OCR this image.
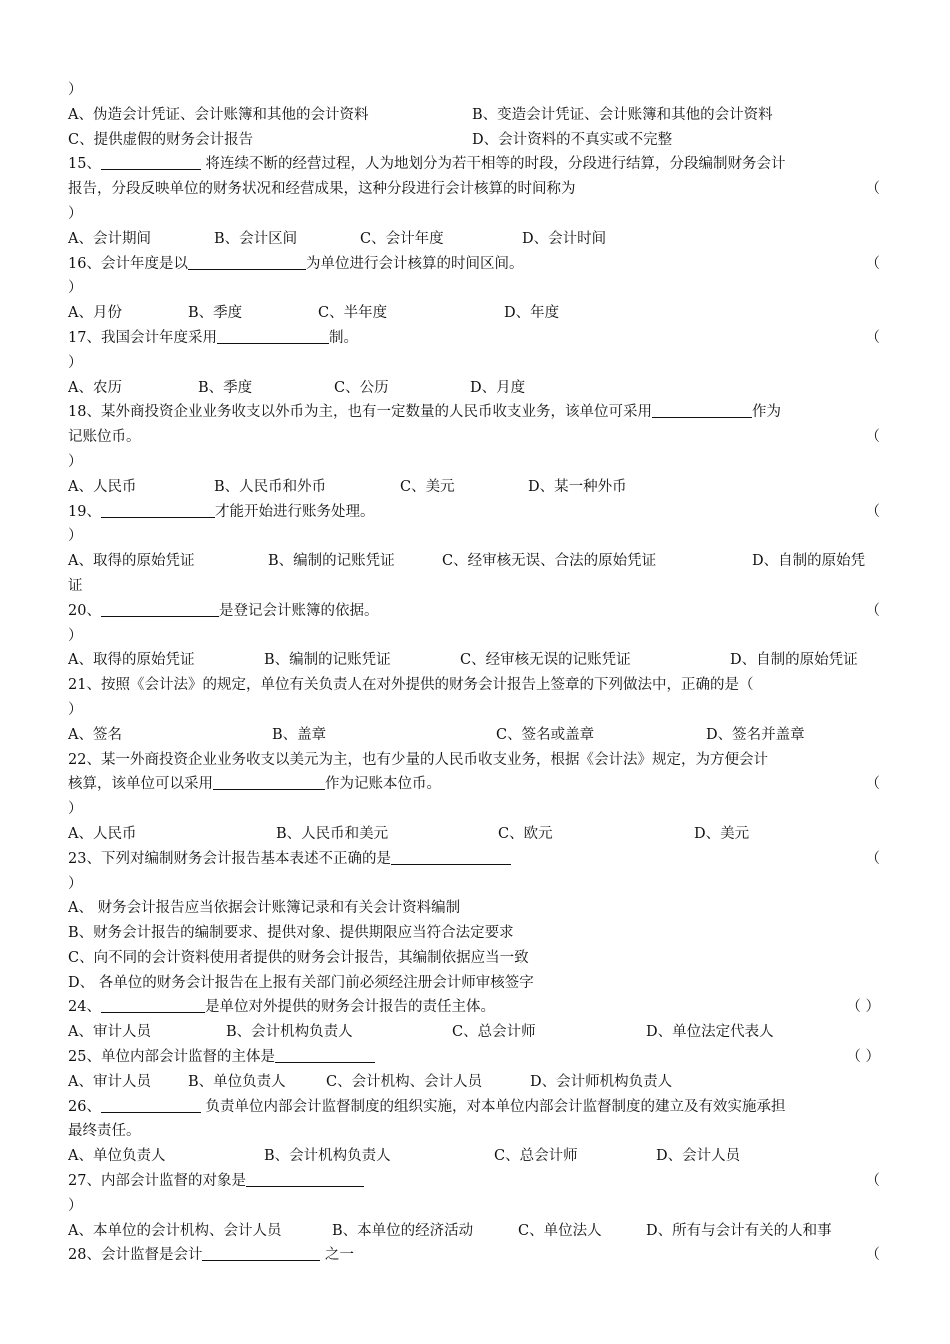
）
A、伪造会计凭证、会计账簿和其他的会计资料	B、变造会计凭证、会计账簿和其他的会计资料
C、提供虚假的财务会计报告	D、会计资料的不真实或不完整
15、	将连续不断的经营过程，人为地划分为若干相等的时段，分段进行结算，分段编制财务会计
报告，分段反映单位的财务状况和经营成果，这种分段进行会计核算的时间称为	（
）
A、会计期间	B、会计区间	C、会计年度	D、会计时间
16、会计年度是以	为单位进行会计核算的时间区间。	（
）
A、月份	B、季度	C、半年度	D、年度
17、我国会计年度采用	制。	（
）
A、农历	B、季度	C、公历	D、月度
18、某外商投资企业业务收支以外币为主，也有一定数量的人民币收支业务，该单位可采用	作为
记账位币。	（
）
A、人民币	B、人民币和外币	C、美元	D、某一种外币
19、	才能开始进行账务处理。	（
）
A、取得的原始凭证	B、编制的记账凭证	C、经审核无误、合法的原始凭证	D、自制的原始凭
证
20、	是登记会计账簿的依据。	（
）
A、取得的原始凭证	B、编制的记账凭证	C、经审核无误的记账凭证	D、自制的原始凭证
21、按照《会计法》的规定，单位有关负责人在对外提供的财务会计报告上签章的下列做法中，正确的是（
）
A、签名	B、盖章	C、签名或盖章	D、签名并盖章
22、某一外商投资企业业务收支以美元为主，也有少量的人民币收支业务，根据《会计法》规定，为方便会计
核算，该单位可以采用	作为记账本位币。	（
）
A、人民币	B、人民币和美元	C、欧元	D、美元
23、下列对编制财务会计报告基本表述不正确的是	（
）
A、 财务会计报告应当依据会计账簿记录和有关会计资料编制
B、财务会计报告的编制要求、提供对象、提供期限应当符合法定要求
C、向不同的会计资料使用者提供的财务会计报告，其编制依据应当一致
D、 各单位的财务会计报告在上报有关部门前必须经注册会计师审核签字
24、	是单位对外提供的财务会计报告的责任主体。	（ ）
A、审计人员	B、会计机构负责人	C、总会计师	D、单位法定代表人
25、单位内部会计监督的主体是	（ ）
A、审计人员	B、单位负责人	C、会计机构、会计人员	D、会计师机构负责人
26、	负责单位内部会计监督制度的组织实施，对本单位内部会计监督制度的建立及有效实施承担
最终责任。
A、单位负责人	B、会计机构负责人	C、总会计师	D、会计人员
27、内部会计监督的对象是	（
）
A、本单位的会计机构、会计人员	B、本单位的经济活动	C、单位法人	D、所有与会计有关的人和事
28、会计监督是会计	之一	（
